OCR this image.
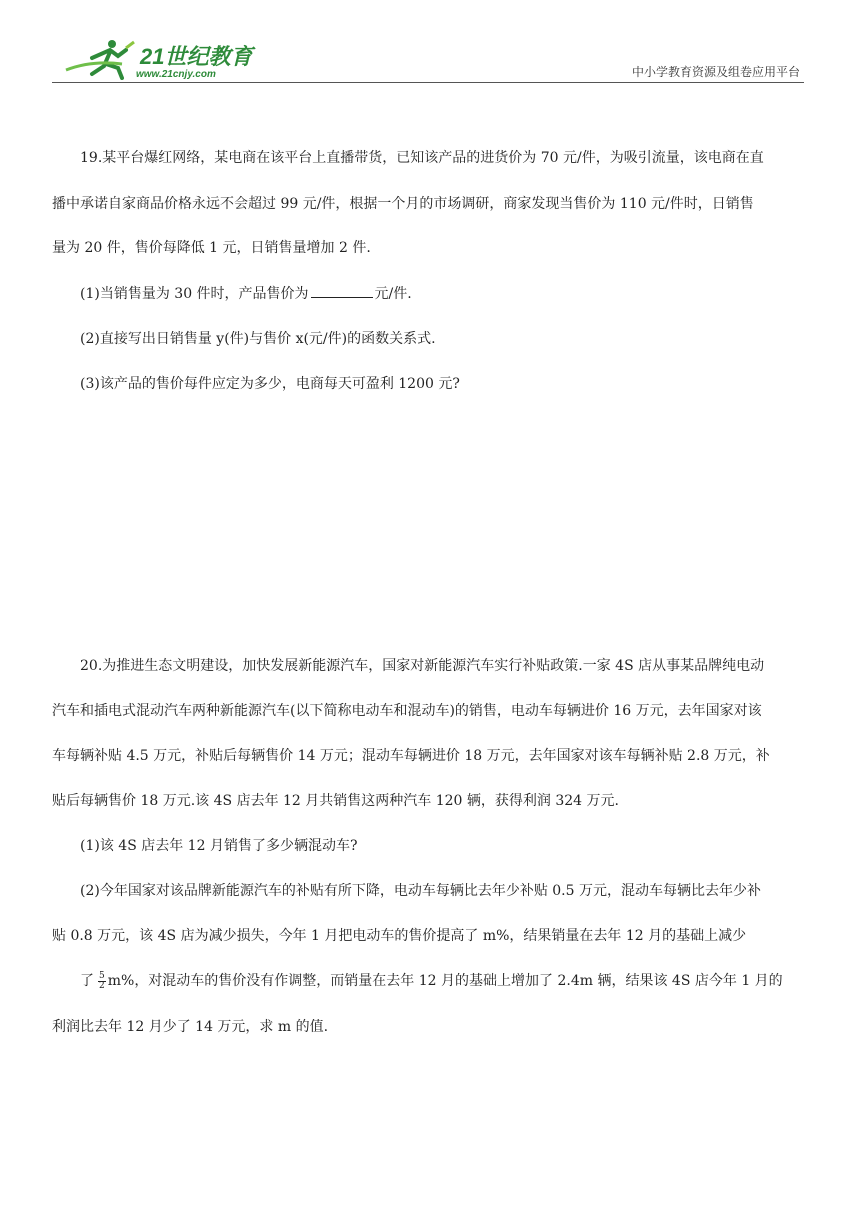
21世纪教育
www.21cnjy.com	中小学教育资源及组卷应用平台
19.某平台爆红网络，某电商在该平台上直播带货，已知该产品的进货价为 70 元/件，为吸引流量，该电商在直
播中承诺自家商品价格永远不会超过 99 元/件，根据一个月的市场调研，商家发现当售价为 110 元/件时，日销售
量为 20 件，售价每降低 1 元，日销售量增加 2 件.
(1)当销售量为 30 件时，产品售价为	元/件.
(2)直接写出日销售量 y(件)与售价 x(元/件)的函数关系式.
(3)该产品的售价每件应定为多少，电商每天可盈利 1200 元?
20.为推进生态文明建设，加快发展新能源汽车，国家对新能源汽车实行补贴政策.一家 4S 店从事某品牌纯电动
汽车和插电式混动汽车两种新能源汽车(以下简称电动车和混动车)的销售，电动车每辆进价 16 万元，去年国家对该
车每辆补贴 4.5 万元，补贴后每辆售价 14 万元；混动车每辆进价 18 万元，去年国家对该车每辆补贴 2.8 万元，补
贴后每辆售价 18 万元.该 4S 店去年 12 月共销售这两种汽车 120 辆，获得利润 324 万元.
(1)该 4S 店去年 12 月销售了多少辆混动车?
(2)今年国家对该品牌新能源汽车的补贴有所下降，电动车每辆比去年少补贴 0.5 万元，混动车每辆比去年少补
贴 0.8 万元，该 4S 店为减少损失，今年 1 月把电动车的售价提高了 m%，结果销量在去年 12 月的基础上减少
了 $\frac{5}{2} m\%$，对混动车的售价没有作调整，而销量在去年 12 月的基础上增加了 2.4m 辆，结果该 4S 店今年 1 月的
利润比去年 12 月少了 14 万元，求 m 的值.
